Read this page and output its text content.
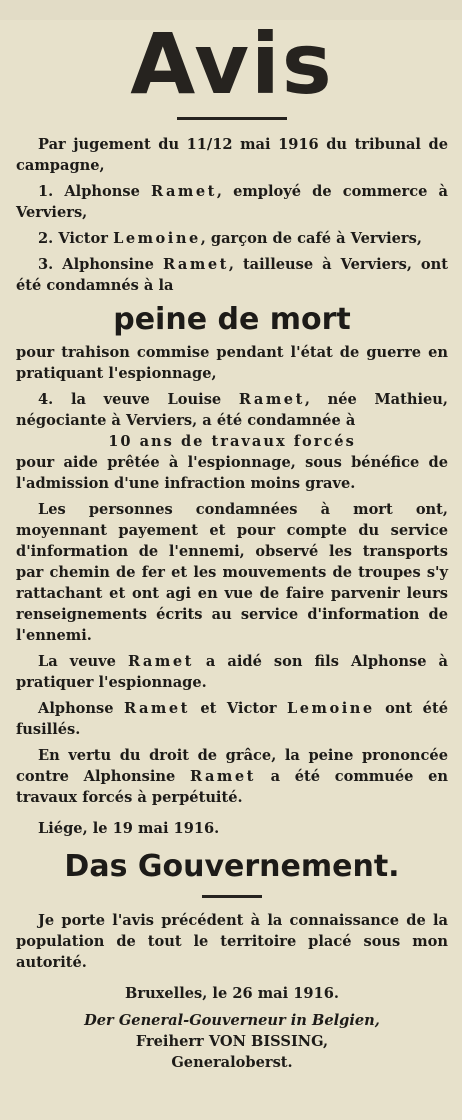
Avis

Par jugement du 11/12 mai 1916 du tribunal de campagne,

1. Alphonse Ramet, employé de commerce à Verviers,

2. Victor Lemoine, garçon de café à Verviers,

3. Alphonsine Ramet, tailleuse à Verviers, ont été condamnés à la

peine de mort

pour trahison commise pendant l'état de guerre en pratiquant l'espionnage,

4. la veuve Louise Ramet, née Mathieu, négociante à Verviers, a été condamnée à

10 ans de travaux forcés

pour aide prêtée à l'espionnage, sous bénéfice de l'admission d'une infraction moins grave.

Les personnes condamnées à mort ont, moyennant payement et pour compte du service d'information de l'ennemi, observé les transports par chemin de fer et les mouvements de troupes s'y rattachant et ont agi en vue de faire parvenir leurs renseignements écrits au service d'information de l'ennemi.

La veuve Ramet a aidé son fils Alphonse à pratiquer l'espionnage.

Alphonse Ramet et Victor Lemoine ont été fusillés.

En vertu du droit de grâce, la peine prononcée contre Alphonsine Ramet a été commuée en travaux forcés à perpétuité.

Liége, le 19 mai 1916.

Das Gouvernement.

Je porte l'avis précédent à la connaissance de la population de tout le territoire placé sous mon autorité.

Bruxelles, le 26 mai 1916.

Der General-Gouverneur in Belgien,
Freiherr VON BISSING,
Generaloberst.
